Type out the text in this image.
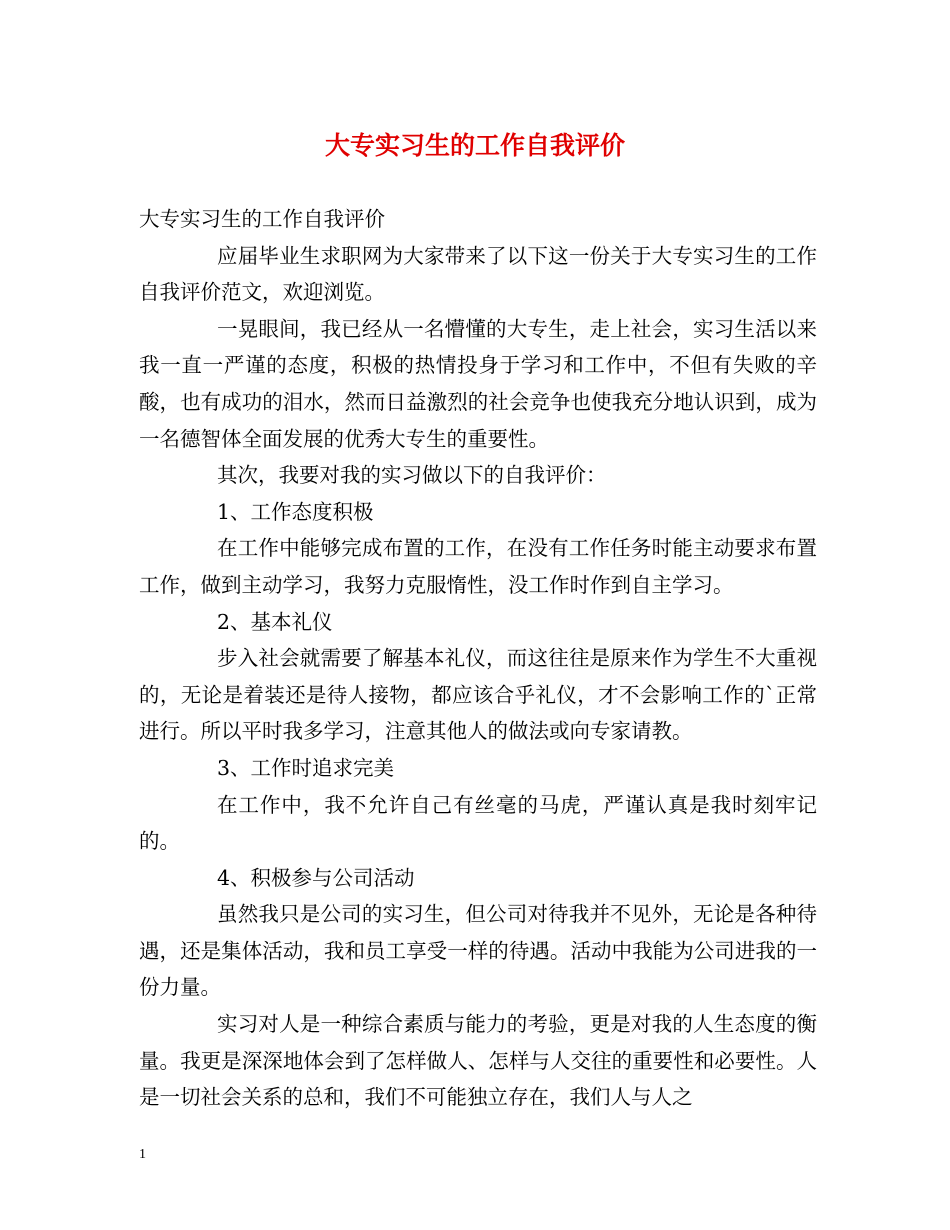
大专实习生的工作自我评价

大专实习生的工作自我评价

应届毕业生求职网为大家带来了以下这一份关于大专实习生的工作自我评价范文，欢迎浏览。

一晃眼间，我已经从一名懵懂的大专生，走上社会，实习生活以来我一直一严谨的态度，积极的热情投身于学习和工作中，不但有失败的辛酸，也有成功的泪水，然而日益激烈的社会竞争也使我充分地认识到，成为一名德智体全面发展的优秀大专生的重要性。

其次，我要对我的实习做以下的自我评价：

1、工作态度积极

在工作中能够完成布置的工作，在没有工作任务时能主动要求布置工作，做到主动学习，我努力克服惰性，没工作时作到自主学习。

2、基本礼仪

步入社会就需要了解基本礼仪，而这往往是原来作为学生不大重视的，无论是着装还是待人接物，都应该合乎礼仪，才不会影响工作的`正常进行。所以平时我多学习，注意其他人的做法或向专家请教。

3、工作时追求完美

在工作中，我不允许自己有丝毫的马虎，严谨认真是我时刻牢记的。

4、积极参与公司活动

虽然我只是公司的实习生，但公司对待我并不见外，无论是各种待遇，还是集体活动，我和员工享受一样的待遇。活动中我能为公司进我的一份力量。

实习对人是一种综合素质与能力的考验，更是对我的人生态度的衡量。我更是深深地体会到了怎样做人、怎样与人交往的重要性和必要性。人是一切社会关系的总和，我们不可能独立存在，我们人与人之

1
